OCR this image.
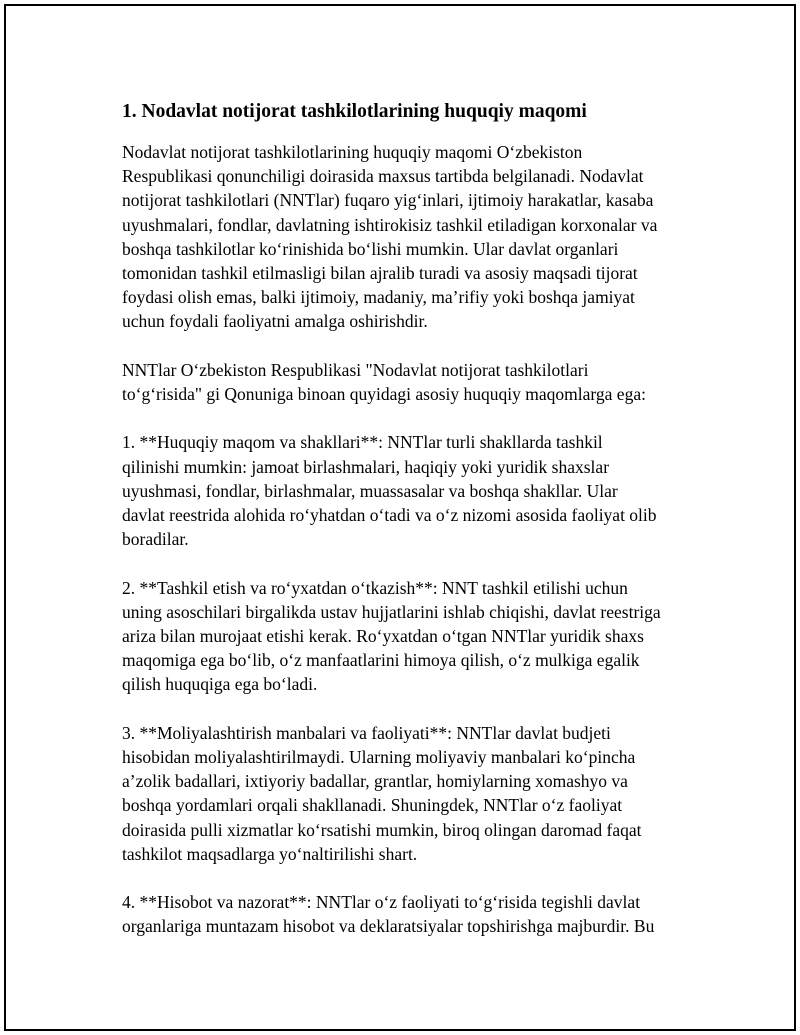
1. Nodavlat notijorat tashkilotlarining huquqiy maqomi
Nodavlat notijorat tashkilotlarining huquqiy maqomi O‘zbekiston
Respublikasi qonunchiligi doirasida maxsus tartibda belgilanadi. Nodavlat
notijorat tashkilotlari (NNTlar) fuqaro yig‘inlari, ijtimoiy harakatlar, kasaba
uyushmalari, fondlar, davlatning ishtirokisiz tashkil etiladigan korxonalar va
boshqa tashkilotlar ko‘rinishida bo‘lishi mumkin. Ular davlat organlari
tomonidan tashkil etilmasligi bilan ajralib turadi va asosiy maqsadi tijorat
foydasi olish emas, balki ijtimoiy, madaniy, ma’rifiy yoki boshqa jamiyat
uchun foydali faoliyatni amalga oshirishdir.
NNTlar O‘zbekiston Respublikasi "Nodavlat notijorat tashkilotlari
to‘g‘risida" gi Qonuniga binoan quyidagi asosiy huquqiy maqomlarga ega:
1. **Huquqiy maqom va shakllari**: NNTlar turli shakllarda tashkil
qilinishi mumkin: jamoat birlashmalari, haqiqiy yoki yuridik shaxslar
uyushmasi, fondlar, birlashmalar, muassasalar va boshqa shakllar. Ular
davlat reestrida alohida ro‘yhatdan o‘tadi va o‘z nizomi asosida faoliyat olib
boradilar.
2. **Tashkil etish va ro‘yxatdan o‘tkazish**: NNT tashkil etilishi uchun
uning asoschilari birgalikda ustav hujjatlarini ishlab chiqishi, davlat reestriga
ariza bilan murojaat etishi kerak. Ro‘yxatdan o‘tgan NNTlar yuridik shaxs
maqomiga ega bo‘lib, o‘z manfaatlarini himoya qilish, o‘z mulkiga egalik
qilish huquqiga ega bo‘ladi.
3. **Moliyalashtirish manbalari va faoliyati**: NNTlar davlat budjeti
hisobidan moliyalashtirilmaydi. Ularning moliyaviy manbalari ko‘pincha
a’zolik badallari, ixtiyoriy badallar, grantlar, homiylarning xomashyo va
boshqa yordamlari orqali shakllanadi. Shuningdek, NNTlar o‘z faoliyat
doirasida pulli xizmatlar ko‘rsatishi mumkin, biroq olingan daromad faqat
tashkilot maqsadlarga yo‘naltirilishi shart.
4. **Hisobot va nazorat**: NNTlar o‘z faoliyati to‘g‘risida tegishli davlat
organlariga muntazam hisobot va deklaratsiyalar topshirishga majburdir. Bu
